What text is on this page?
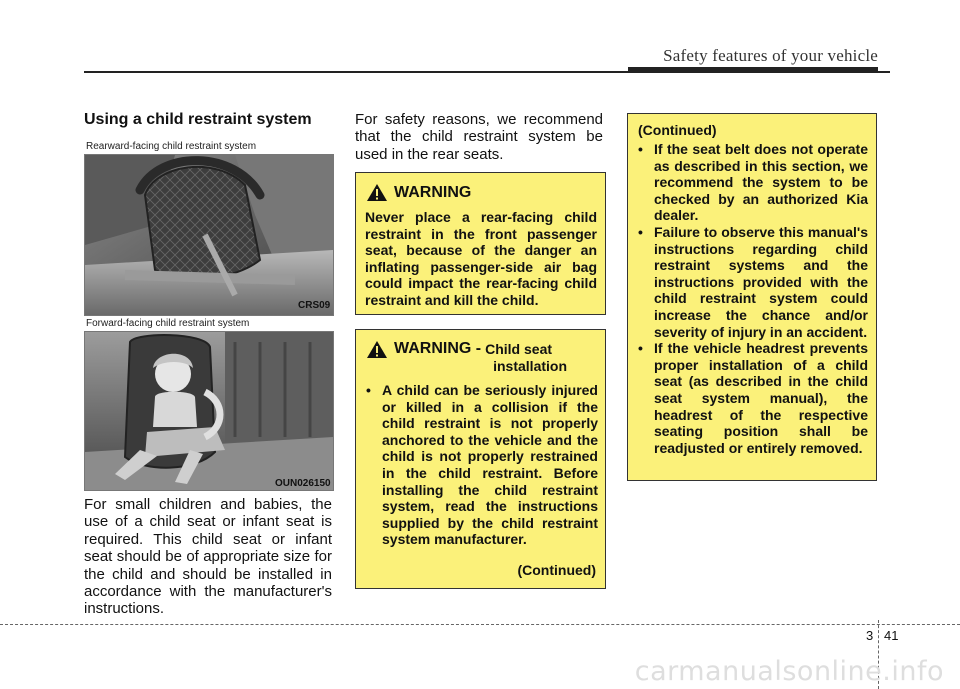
Safety features of your vehicle
Using a child restraint system
Rearward-facing child restraint system
CRS09
Forward-facing child restraint system
OUN026150
For small children and babies, the use of a child seat or infant seat is required. This child seat or infant seat should be of appropriate size for the child and should be installed in accordance with the manufacturer's instructions.
For safety reasons, we recommend that the child restraint system be used in the rear seats.
WARNING
Never place a rear-facing child restraint in the front passenger seat, because of the danger an inflating passenger-side air bag could impact the rear-facing child restraint and kill the child.
WARNING - Child seat
installation
• A child can be seriously injured or killed in a collision if the child restraint is not properly anchored to the vehicle and the child is not properly restrained in the child restraint. Before installing the child restraint system, read the instructions supplied by the child restraint system manufacturer.
(Continued)
(Continued)
• If the seat belt does not operate as described in this section, we recommend the system to be checked by an authorized Kia dealer.
• Failure to observe this manual's instructions regarding child restraint systems and the instructions provided with the child restraint system could increase the chance and/or severity of injury in an accident.
• If the vehicle headrest prevents proper installation of a child seat (as described in the child seat system manual), the headrest of the respective seating position shall be readjusted or entirely removed.
3 41
carmanualsonline.info
